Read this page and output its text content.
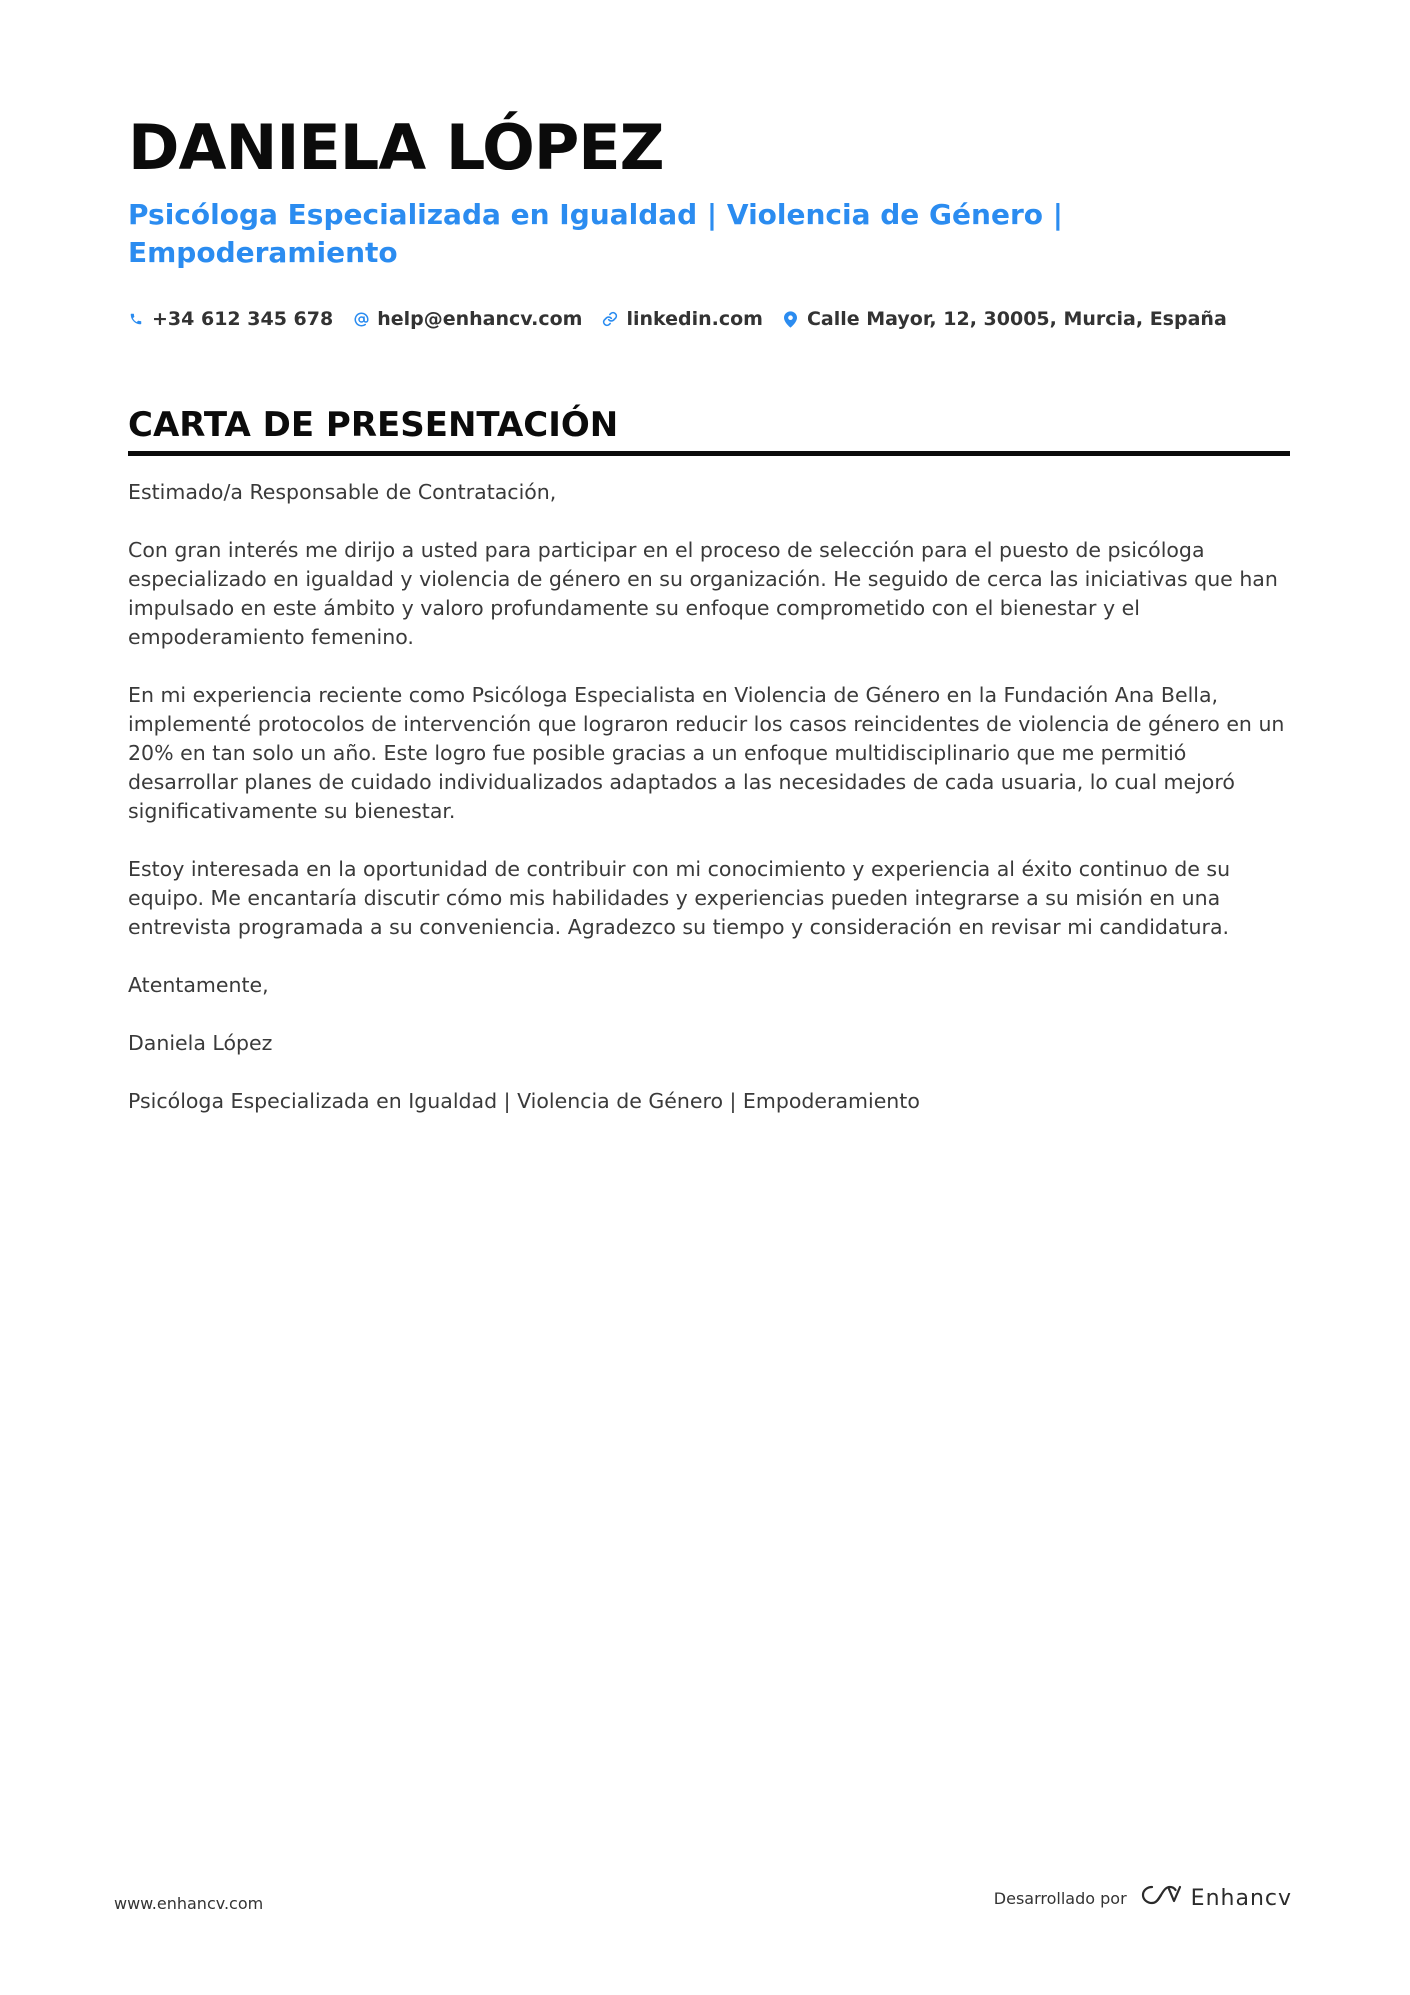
DANIELA LÓPEZ
Psicóloga Especializada en Igualdad | Violencia de Género | Empoderamiento
+34 612 345 678 help@enhancv.com linkedin.com Calle Mayor, 12, 30005, Murcia, España
CARTA DE PRESENTACIÓN

Estimado/a Responsable de Contratación,

Con gran interés me dirijo a usted para participar en el proceso de selección para el puesto de psicóloga especializado en igualdad y violencia de género en su organización. He seguido de cerca las iniciativas que han impulsado en este ámbito y valoro profundamente su enfoque comprometido con el bienestar y el empoderamiento femenino.

En mi experiencia reciente como Psicóloga Especialista en Violencia de Género en la Fundación Ana Bella, implementé protocolos de intervención que lograron reducir los casos reincidentes de violencia de género en un 20% en tan solo un año. Este logro fue posible gracias a un enfoque multidisciplinario que me permitió desarrollar planes de cuidado individualizados adaptados a las necesidades de cada usuaria, lo cual mejoró significativamente su bienestar.

Estoy interesada en la oportunidad de contribuir con mi conocimiento y experiencia al éxito continuo de su equipo. Me encantaría discutir cómo mis habilidades y experiencias pueden integrarse a su misión en una entrevista programada a su conveniencia. Agradezco su tiempo y consideración en revisar mi candidatura.

Atentamente,

Daniela López

Psicóloga Especializada en Igualdad | Violencia de Género | Empoderamiento

www.enhancv.com	Desarrollado por	Enhancv
